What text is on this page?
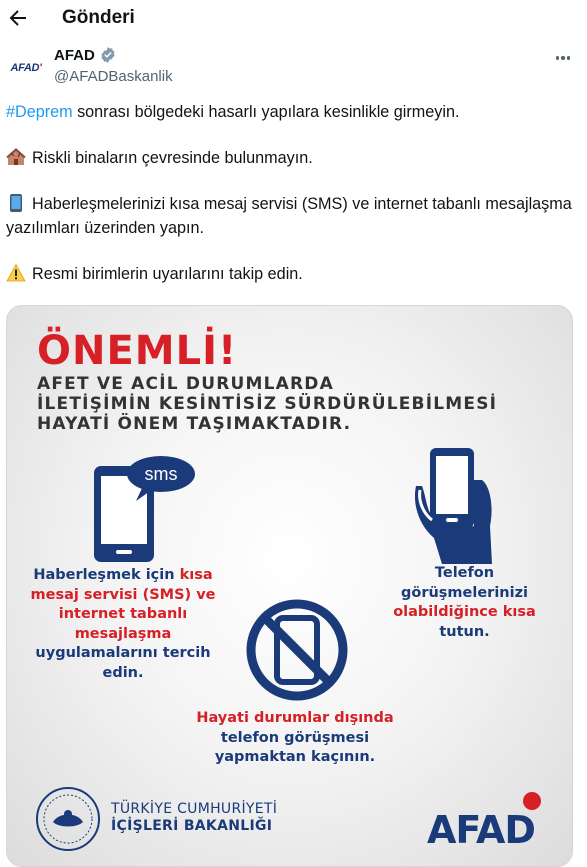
Gönderi
AFAD'
AFAD
@AFADBaskanlik

#Deprem sonrası bölgedeki hasarlı yapılara kesinlikle girmeyin.

Riskli binaların çevresinde bulunmayın.

Haberleşmelerinizi kısa mesaj servisi (SMS) ve internet tabanlı mesajlaşma yazılımları üzerinden yapın.

Resmi birimlerin uyarılarını takip edin.

ÖNEMLİ!
AFET VE ACİL DURUMLARDA
İLETİŞİMİN KESİNTİSİZ SÜRDÜRÜLEBİLMESİ
HAYATİ ÖNEM TAŞIMAKTADIR.
sms
Haberleşmek için kısa mesaj servisi (SMS) ve internet tabanlı mesajlaşma uygulamalarını tercih edin.
Telefon görüşmelerinizi olabildiğince kısa tutun.
Hayati durumlar dışında
telefon görüşmesi yapmaktan kaçının.
TÜRKİYE CUMHURİYETİ
İÇİŞLERİ BAKANLIĞI	AFAD
